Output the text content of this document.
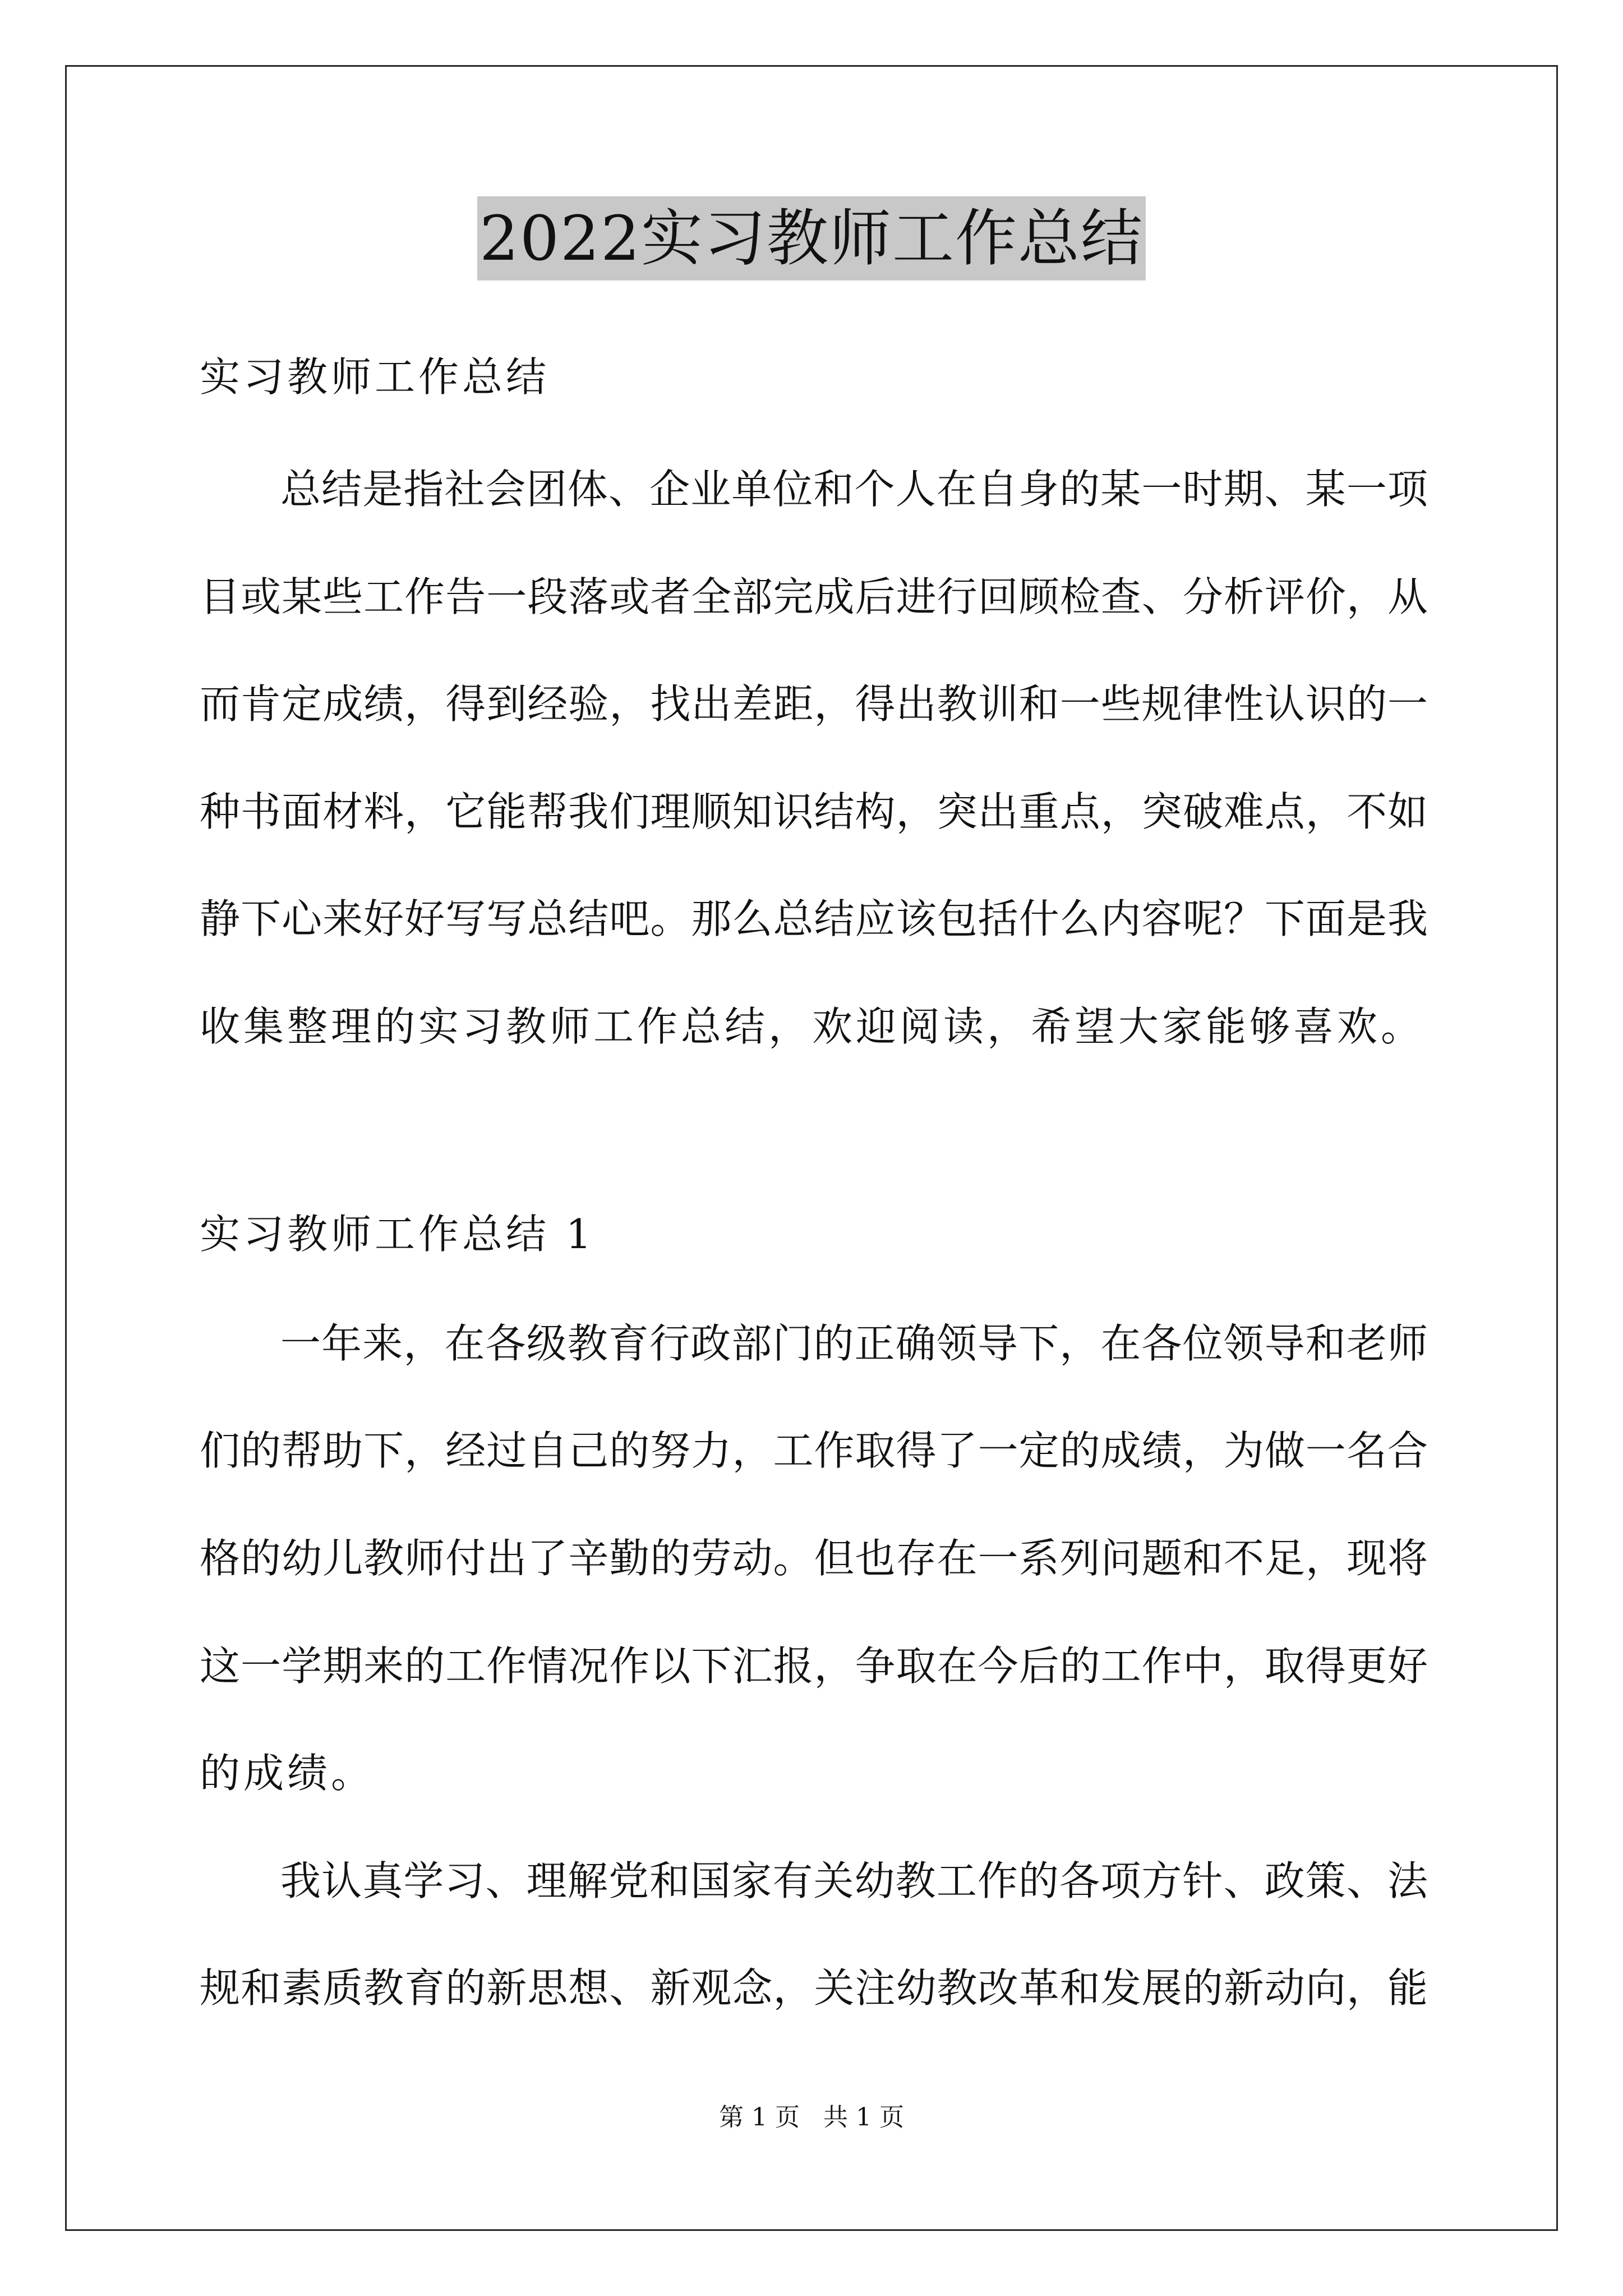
2022实习教师工作总结
实习教师工作总结
总结是指社会团体、企业单位和个人在自身的某一时期、某一项
目或某些工作告一段落或者全部完成后进行回顾检查、分析评价，从
而肯定成绩，得到经验，找出差距，得出教训和一些规律性认识的一
种书面材料，它能帮我们理顺知识结构，突出重点，突破难点，不如
静下心来好好写写总结吧。那么总结应该包括什么内容呢？下面是我
收集整理的实习教师工作总结，欢迎阅读，希望大家能够喜欢。
实习教师工作总结 1
一年来，在各级教育行政部门的正确领导下，在各位领导和老师
们的帮助下，经过自己的努力，工作取得了一定的成绩，为做一名合
格的幼儿教师付出了辛勤的劳动。但也存在一系列问题和不足，现将
这一学期来的工作情况作以下汇报，争取在今后的工作中，取得更好
的成绩。
我认真学习、理解党和国家有关幼教工作的各项方针、政策、法
规和素质教育的新思想、新观念，关注幼教改革和发展的新动向，能
第 1 页   共 1 页
